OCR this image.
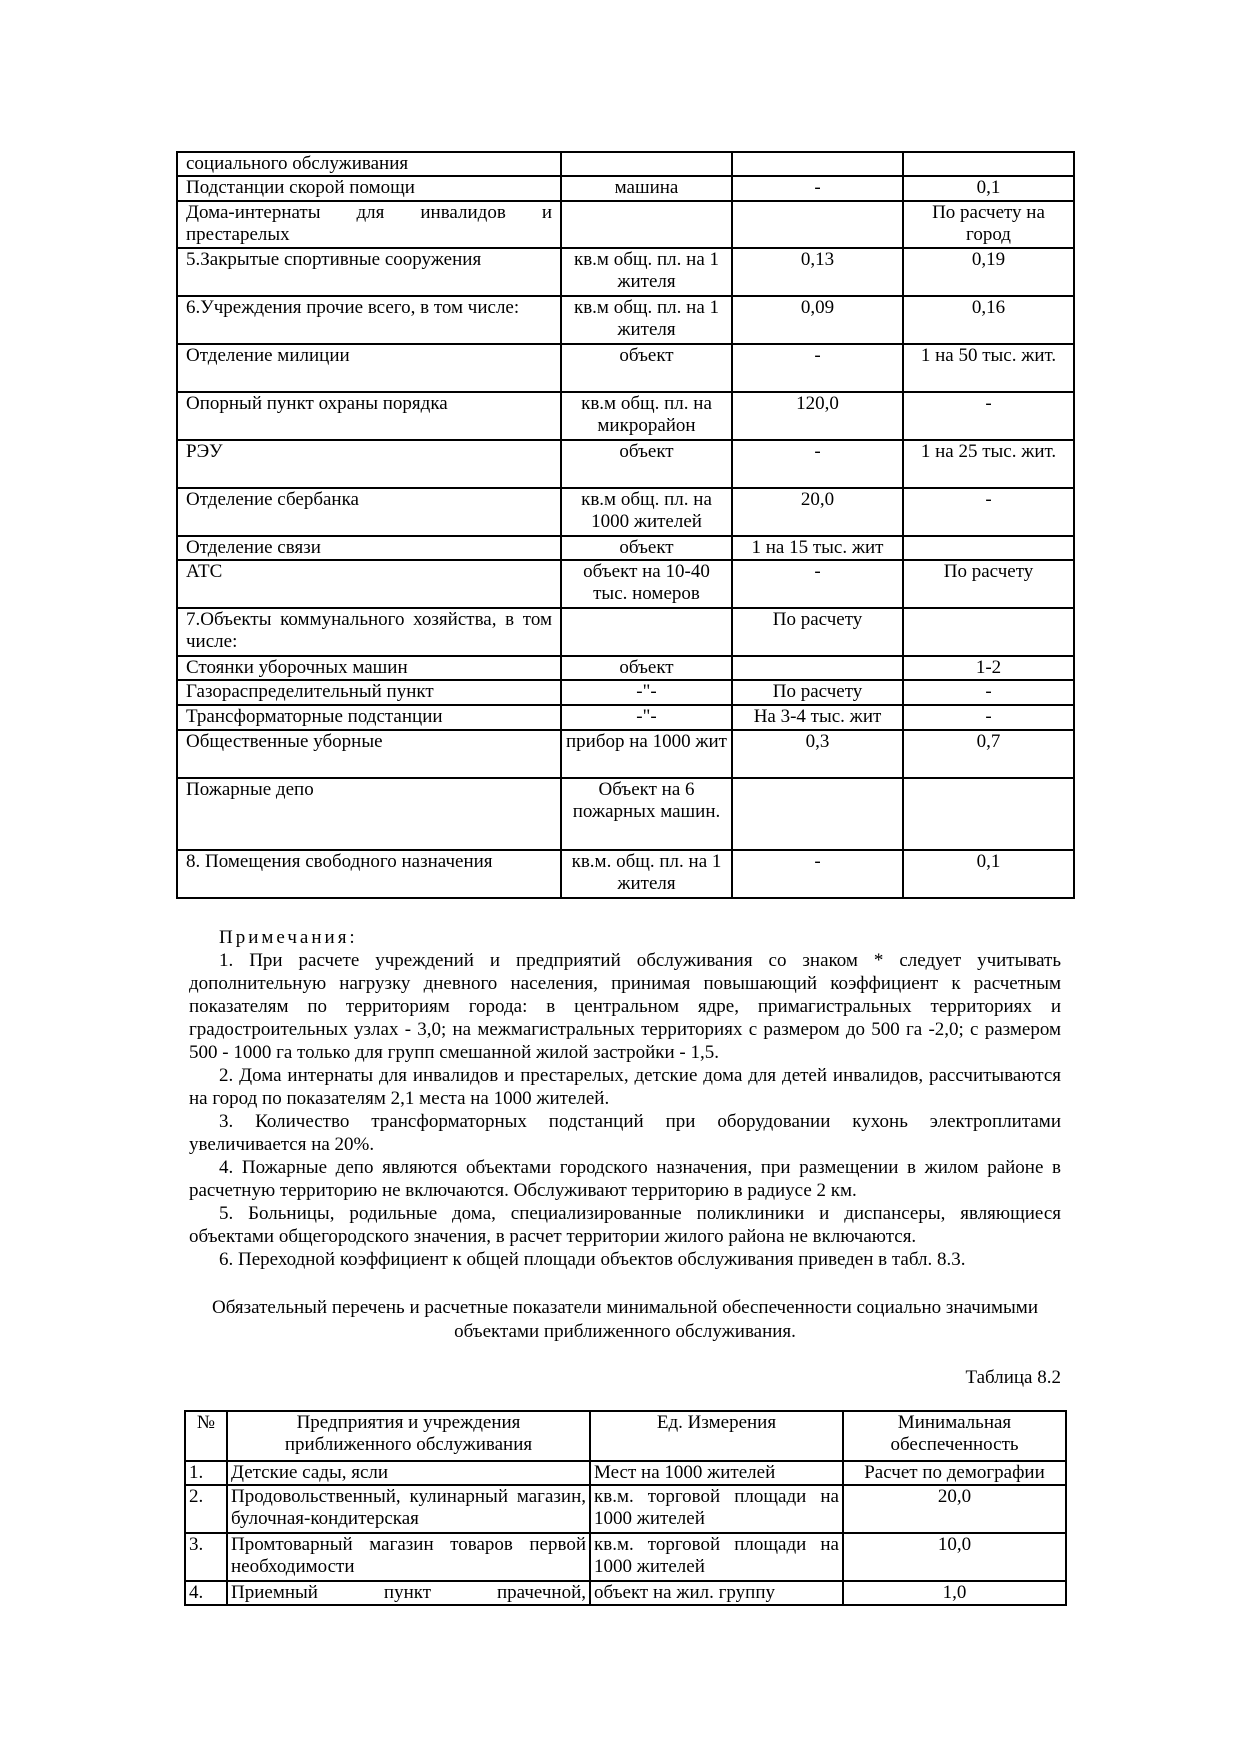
социального обслуживания			
Подстанции скорой помощи	машина	-	0,1
Дома-интернаты для инвалидов и престарелых			По расчету на город
5.Закрытые спортивные сооружения	кв.м общ. пл. на 1 жителя	0,13	0,19
6.Учреждения прочие всего, в том числе:	кв.м общ. пл. на 1 жителя	0,09	0,16
Отделение милиции	объект	-	1 на 50 тыс. жит.
Опорный пункт охраны порядка	кв.м общ. пл. на микрорайон	120,0	-
РЭУ	объект	-	1 на 25 тыс. жит.
Отделение сбербанка	кв.м общ. пл. на 1000 жителей	20,0	-
Отделение связи	объект	1 на 15 тыс. жит	
АТС	объект на 10-40 тыс. номеров	-	По расчету
7.Объекты коммунального хозяйства, в том числе:		По расчету	
Стоянки уборочных машин	объект		1-2
Газораспределительный пункт	-"-	По расчету	-
Трансформаторные подстанции	-"-	На 3-4 тыс. жит	-
Общественные уборные	прибор на 1000 жит	0,3	0,7
Пожарные депо	Объект на 6 пожарных машин.		
8. Помещения свободного назначения	кв.м. общ. пл. на 1 жителя	-	0,1
Примечания:

1. При расчете учреждений и предприятий обслуживания со знаком * следует учитывать дополнительную нагрузку дневного населения, принимая повышающий коэффициент к расчетным показателям по территориям города: в центральном ядре, примагистральных территориях и градостроительных узлах - 3,0; на межмагистральных территориях с размером до 500 га -2,0; с размером 500 - 1000 га только для групп смешанной жилой застройки - 1,5.

2. Дома интернаты для инвалидов и престарелых, детские дома для детей инвалидов, рассчитываются на город по показателям 2,1 места на 1000 жителей.

3. Количество трансформаторных подстанций при оборудовании кухонь электроплитами увеличивается на 20%.

4. Пожарные депо являются объектами городского назначения, при размещении в жилом районе в расчетную территорию не включаются. Обслуживают территорию в радиусе 2 км.

5. Больницы, родильные дома, специализированные поликлиники и диспансеры, являющиеся объектами общегородского значения, в расчет территории жилого района не включаются.

6. Переходной коэффициент к общей площади объектов обслуживания приведен в табл. 8.3.

Обязательный перечень и расчетные показатели минимальной обеспеченности социально значимыми объектами приближенного обслуживания.
Таблица 8.2
№	Предприятия и учреждения приближенного обслуживания	Ед. Измерения	Минимальная обеспеченность
1.	Детские сады, ясли	Мест на 1000 жителей	Расчет по демографии
2.	Продовольственный, кулинарный магазин, булочная-кондитерская	кв.м. торговой площади на 1000 жителей	20,0
3.	Промтоварный магазин товаров первой необходимости	кв.м. торговой площади на 1000 жителей	10,0
4.	Приемный пункт прачечной,	объект на жил. группу	1,0
